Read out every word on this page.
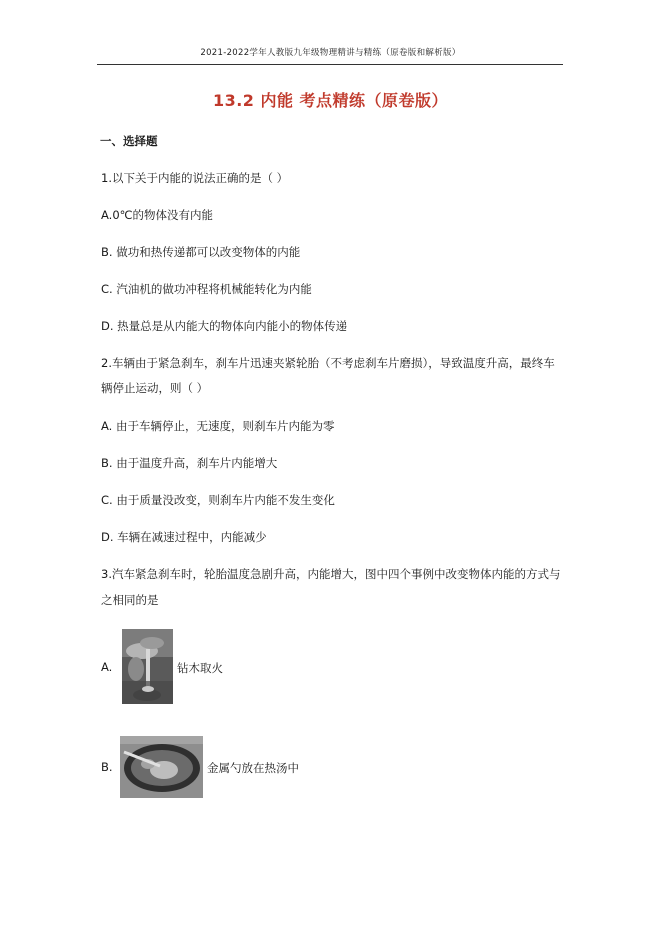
2021-2022学年人教版九年级物理精讲与精练（原卷版和解析版）
13.2 内能 考点精练（原卷版）
一、选择题
1.以下关于内能的说法正确的是（ ）
A.0℃的物体没有内能
B. 做功和热传递都可以改变物体的内能
C. 汽油机的做功冲程将机械能转化为内能
D. 热量总是从内能大的物体向内能小的物体传递
2.车辆由于紧急刹车，刹车片迅速夹紧轮胎（不考虑刹车片磨损），导致温度升高，最终车
辆停止运动，则（ ）
A. 由于车辆停止，无速度，则刹车片内能为零
B. 由于温度升高，刹车片内能增大
C. 由于质量没改变，则刹车片内能不发生变化
D. 车辆在减速过程中，内能减少
3.汽车紧急刹车时，轮胎温度急剧升高，内能增大，图中四个事例中改变物体内能的方式与
之相同的是
A.	钻木取火
B.	金属勺放在热汤中
